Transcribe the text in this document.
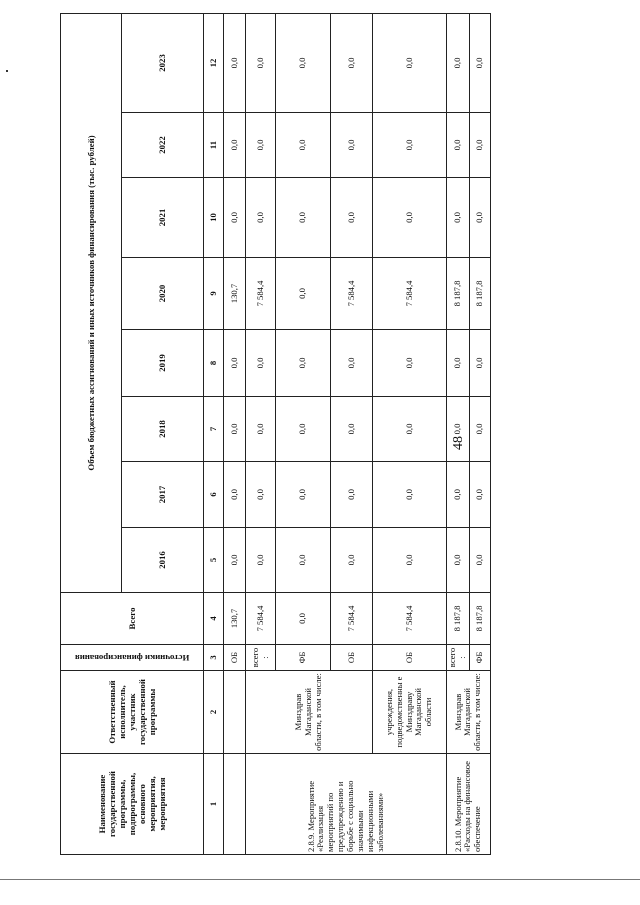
48
Наименование государственной программы, подпрограммы, основного мероприятия, мероприятия	Ответственный исполнитель, участник государственной программы	Источники финансирования	Всего	Объем бюджетных ассигнований и иных источников финансирования (тыс. рублей)							
				2016	2017	2018	2019	2020	2021	2022	2023
1	2	3	4	5	6	7	8	9	10	11	12
		ОБ	130,7	0,0	0,0	0,0	0,0	130,7	0,0	0,0	0,0
2.8.9. Мероприятие «Реализация мероприятий по предупреждению и борьбе с социально значимыми инфекционными заболеваниями»	Минздрав Магаданской области, в том числе:	всего:	7 584,4	0,0	0,0	0,0	0,0	7 584,4	0,0	0,0	0,0
		ФБ	0,0	0,0	0,0	0,0	0,0	0,0	0,0	0,0	0,0
		ОБ	7 584,4	0,0	0,0	0,0	0,0	7 584,4	0,0	0,0	0,0
	учреждения, подведомственны е Минздраву Магаданской области	ОБ	7 584,4	0,0	0,0	0,0	0,0	7 584,4	0,0	0,0	0,0
2.8.10. Мероприятие «Расходы на финансовое обеспечение	Минздрав Магаданской области, в том числе:	всего:	8 187,8	0,0	0,0	0,0	0,0	8 187,8	0,0	0,0	0,0
		ФБ	8 187,8	0,0	0,0	0,0	0,0	8 187,8	0,0	0,0	0,0
